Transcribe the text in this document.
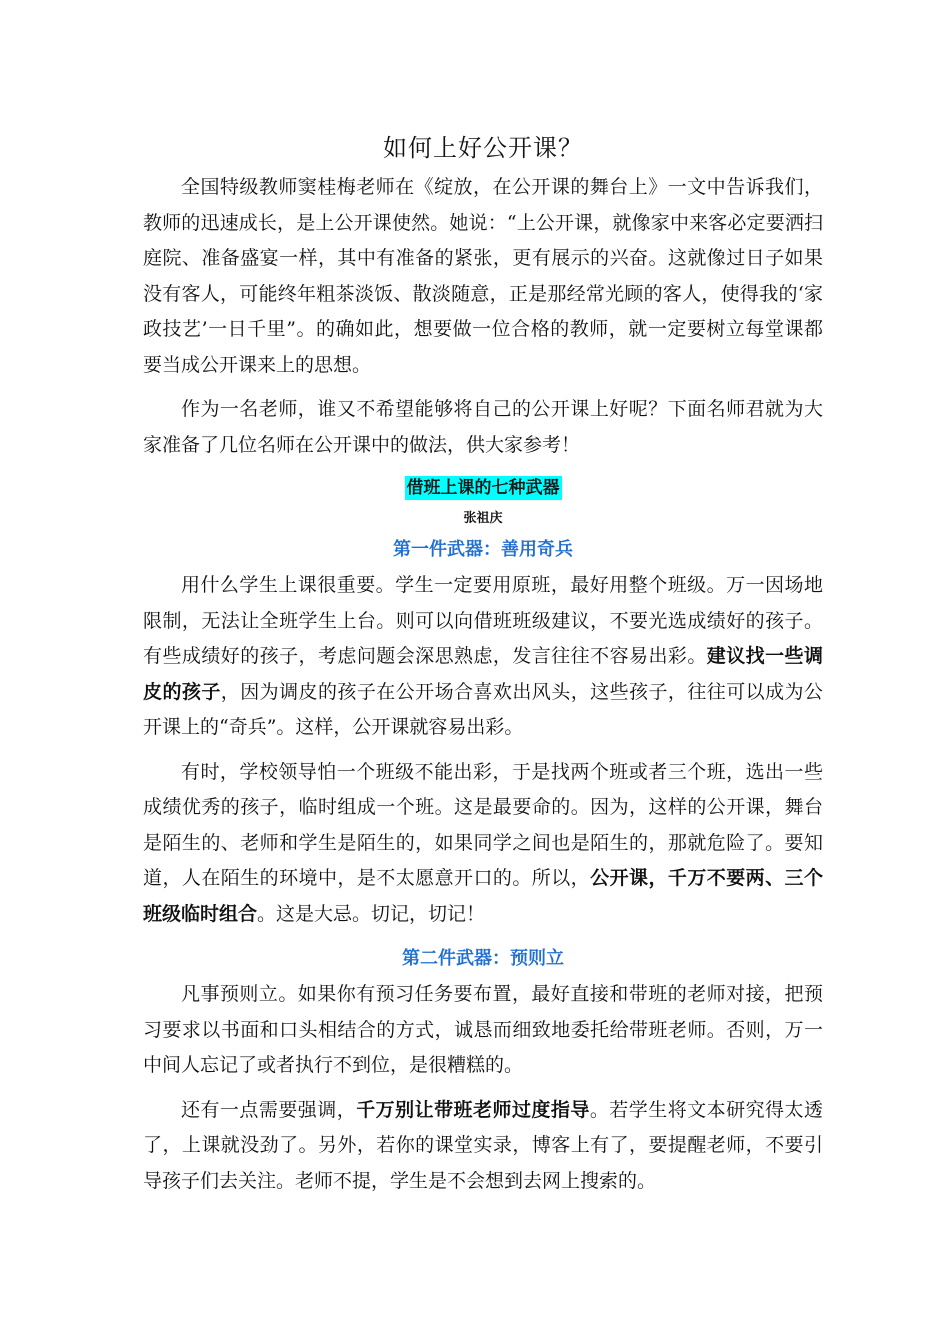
如何上好公开课？

全国特级教师窦桂梅老师在《绽放，在公开课的舞台上》一文中告诉我们，教师的迅速成长，是上公开课使然。她说：“上公开课，就像家中来客必定要洒扫庭院、准备盛宴一样，其中有准备的紧张，更有展示的兴奋。这就像过日子如果没有客人，可能终年粗茶淡饭、散淡随意，正是那经常光顾的客人，使得我的‘家政技艺’一日千里”。的确如此，想要做一位合格的教师，就一定要树立每堂课都要当成公开课来上的思想。

作为一名老师，谁又不希望能够将自己的公开课上好呢？下面名师君就为大家准备了几位名师在公开课中的做法，供大家参考！

借班上课的七种武器
张祖庆
第一件武器：善用奇兵

用什么学生上课很重要。学生一定要用原班，最好用整个班级。万一因场地限制，无法让全班学生上台。则可以向借班班级建议，不要光选成绩好的孩子。有些成绩好的孩子，考虑问题会深思熟虑，发言往往不容易出彩。建议找一些调皮的孩子，因为调皮的孩子在公开场合喜欢出风头，这些孩子，往往可以成为公开课上的“奇兵”。这样，公开课就容易出彩。

有时，学校领导怕一个班级不能出彩，于是找两个班或者三个班，选出一些成绩优秀的孩子，临时组成一个班。这是最要命的。因为，这样的公开课，舞台是陌生的、老师和学生是陌生的，如果同学之间也是陌生的，那就危险了。要知道，人在陌生的环境中，是不太愿意开口的。所以，公开课，千万不要两、三个班级临时组合。这是大忌。切记，切记！

第二件武器：预则立

凡事预则立。如果你有预习任务要布置，最好直接和带班的老师对接，把预习要求以书面和口头相结合的方式，诚恳而细致地委托给带班老师。否则，万一中间人忘记了或者执行不到位，是很糟糕的。

还有一点需要强调，千万别让带班老师过度指导。若学生将文本研究得太透了，上课就没劲了。另外，若你的课堂实录，博客上有了，要提醒老师，不要引导孩子们去关注。老师不提，学生是不会想到去网上搜索的。
